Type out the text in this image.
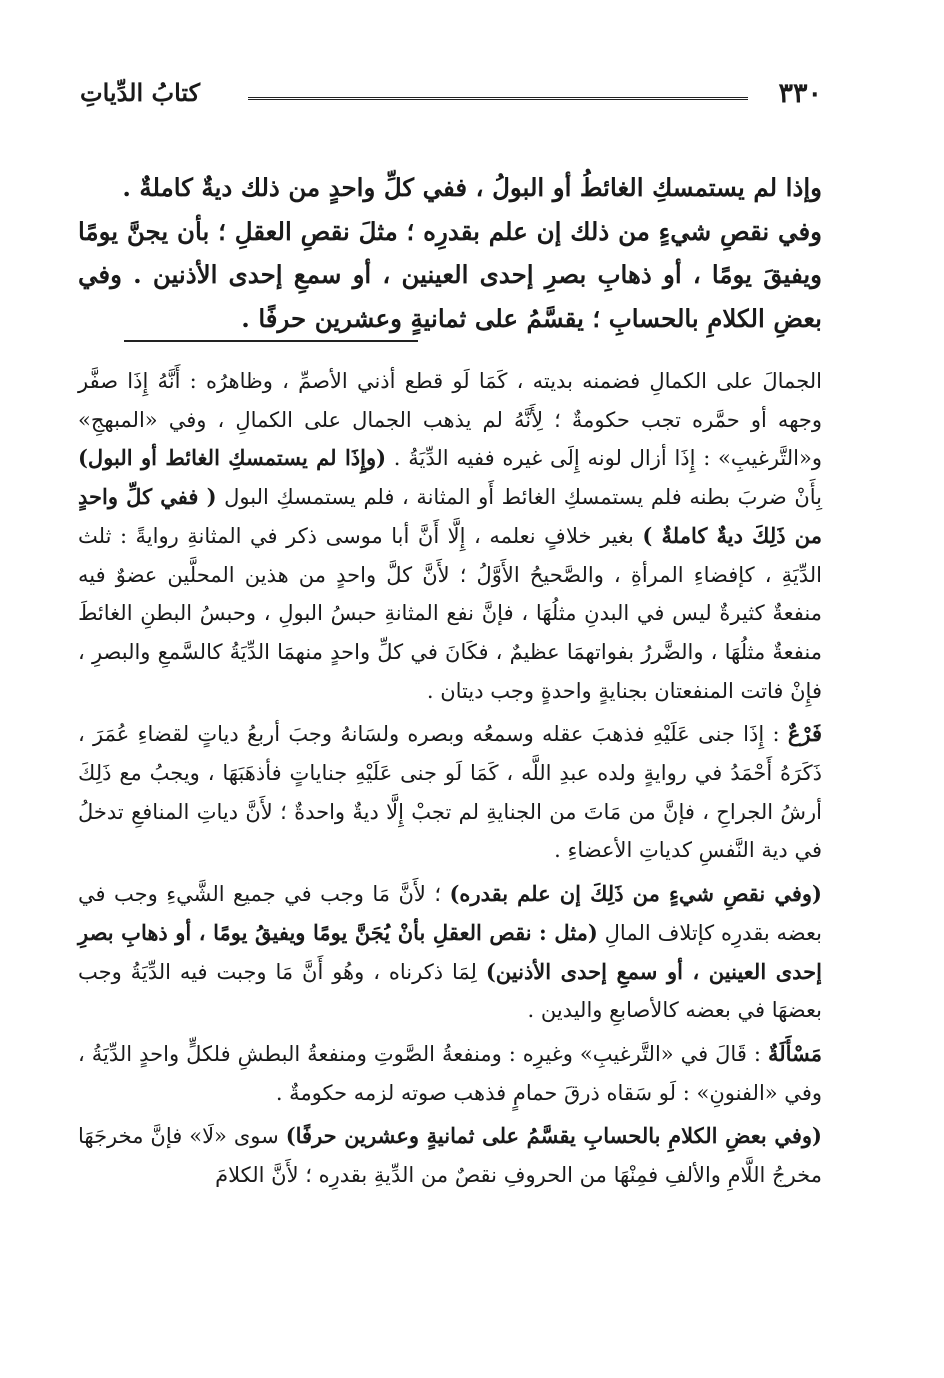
٣٣٠
كتابُ الدِّياتِ

وإذا لم يستمسكِ الغائطُ أو البولُ ، ففي كلِّ واحدٍ من ذلك ديةٌ كاملةٌ .

وفي نقصِ شيءٍ من ذلك إن علم بقدرِه ؛ مثلَ نقصِ العقلِ ؛ بأن يجنَّ يومًا ويفيقَ يومًا ، أو ذهابِ بصرِ إحدى العينين ، أو سمعِ إحدى الأذنين . وفي بعضِ الكلامِ بالحسابِ ؛ يقسَّمُ على ثمانيةٍ وعشرين حرفًا .

الجمالَ على الكمالِ فضمنه بديته ، كَمَا لَو قطع أذني الأصمِّ ، وظاهرُه : أَنَّهُ إِذَا صفَّر وجهه أو حمَّره تجب حكومةٌ ؛ لِأَنَّهُ لم يذهب الجمال على الكمالِ ، وفي «المبهجِ» و«التَّرغيبِ» : إِذَا أزال لونه إِلَى غيره ففيه الدِّيَةُ . (وإِذَا لم يستمسكِ الغائط أو البول) بِأَنْ ضربَ بطنه فلم يستمسكِ الغائط أَو المثانة ، فلم يستمسكِ البول ( ففي كلِّ واحدٍ من ذَلِكَ ديةٌ كاملةٌ ) بغير خلافٍ نعلمه ، إِلَّا أَنَّ أبا موسى ذكر في المثانةِ روايةً : ثلث الدِّيَةِ ، كإفضاءِ المرأةِ ، والصَّحيحُ الأَوَّلُ ؛ لأَنَّ كلَّ واحدٍ من هذين المحلَّين عضوٌ فيه منفعةٌ كثيرةٌ ليس في البدنِ مثلُهَا ، فإنَّ نفع المثانةِ حبسُ البولِ ، وحبسُ البطنِ الغائطَ منفعةٌ مثلُهَا ، والضَّررُ بفواتهمَا عظيمٌ ، فكَانَ في كلِّ واحدٍ منهمَا الدِّيَةُ كالسَّمعِ والبصرِ ، فإِنْ فاتت المنفعتان بجنايةٍ واحدةٍ وجب ديتان .

فَرْعٌ : إِذَا جنى عَلَيْهِ فذهبَ عقله وسمعُه وبصره ولسَانهُ وجبَ أربعُ دياتٍ لقضاءِ عُمَرَ ، ذَكَرَهُ أَحْمَدُ في روايةٍ ولده عبدِ اللَّه ، كَمَا لَو جنى عَلَيْهِ جناياتٍ فأذهَبَهَا ، ويجبُ مع ذَلِكَ أرشُ الجراحِ ، فإنَّ من مَاتَ من الجنايةِ لم تجبْ إِلَّا ديةٌ واحدةٌ ؛ لأَنَّ دياتِ المنافعِ تدخلُ في دية النَّفسِ كدياتِ الأعضاءِ .

(وفي نقصِ شيءٍ من ذَلِكَ إن علم بقدره) ؛ لأَنَّ مَا وجب في جميع الشَّيءِ وجب في بعضه بقدرِه كإتلاف المالِ (مثل : نقص العقلِ بأنْ يُجَنَّ يومًا ويفيقُ يومًا ، أو ذهابِ بصرِ إحدى العينين ، أو سمعِ إحدى الأذنين) لِمَا ذكرناه ، وهُو أَنَّ مَا وجبت فيه الدِّيَةُ وجب بعضهَا في بعضه كالأصابعِ واليدين .

مَسْأَلَةٌ : قَالَ في «التَّرغيبِ» وغيرِه : ومنفعةُ الصَّوتِ ومنفعةُ البطشِ فلكلٍّ واحدٍ الدِّيَةُ ، وفي «الفنونِ» : لَو سَقاه ذرقَ حمامٍ فذهب صوته لزمه حكومةٌ .

(وفي بعضِ الكلامِ بالحسابِ يقسَّمُ على ثمانيةٍ وعشرين حرفًا) سوى «لَا» فإنَّ مخرجَهَا مخرجُ اللَّامِ والألفِ فمِنْهَا من الحروفِ نقصٌ من الدِّيةِ بقدرِه ؛ لأَنَّ الكلامَ
